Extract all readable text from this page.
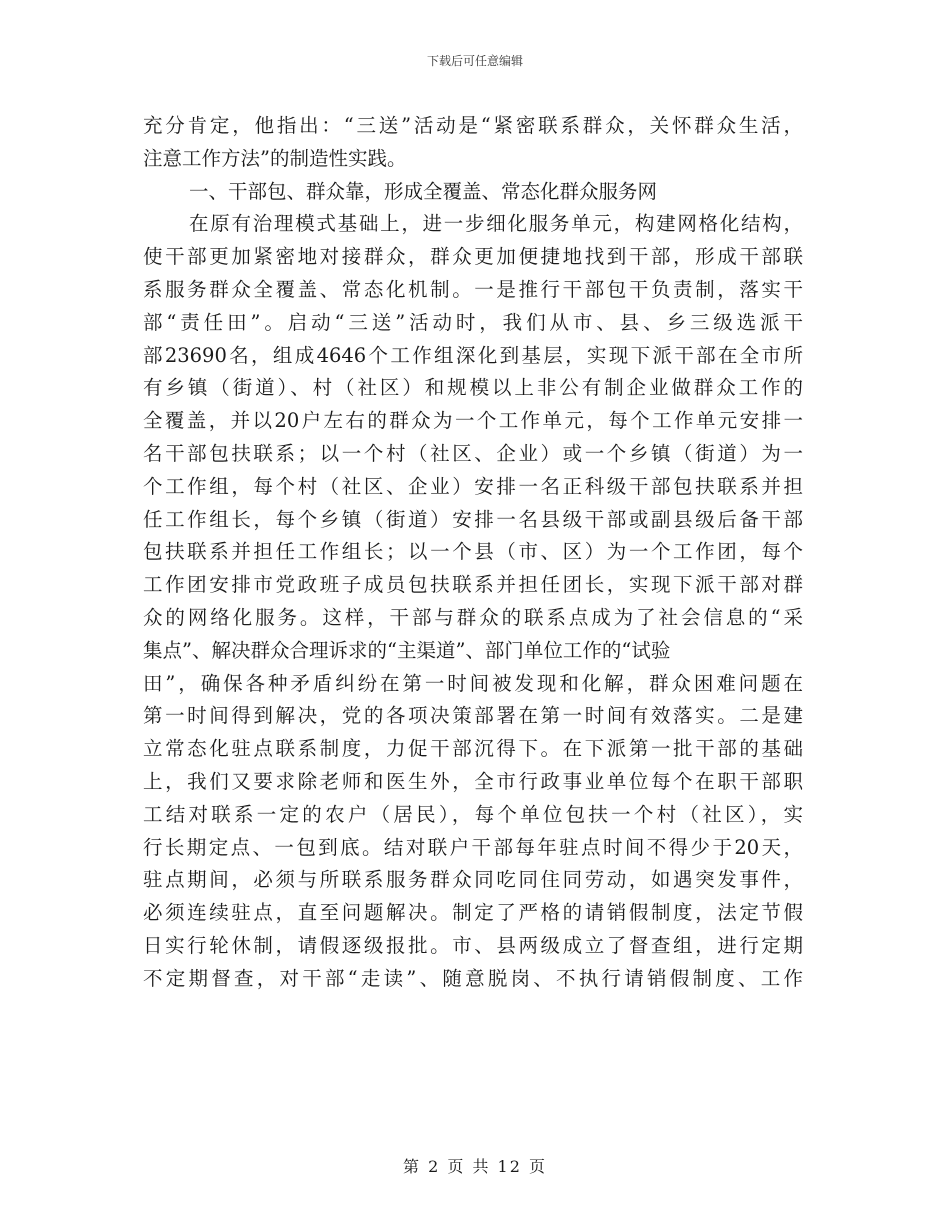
下载后可任意编辑
充分肯定，他指出：“三送”活动是“紧密联系群众，关怀群众生活，
注意工作方法”的制造性实践。
一、干部包、群众靠，形成全覆盖、常态化群众服务网
在原有治理模式基础上，进一步细化服务单元，构建网格化结构，
使干部更加紧密地对接群众，群众更加便捷地找到干部，形成干部联
系服务群众全覆盖、常态化机制。一是推行干部包干负责制，落实干
部“责任田”。启动“三送”活动时，我们从市、县、乡三级选派干
部23690名，组成4646个工作组深化到基层，实现下派干部在全市所
有乡镇（街道）、村（社区）和规模以上非公有制企业做群众工作的
全覆盖，并以20户左右的群众为一个工作单元，每个工作单元安排一
名干部包扶联系；以一个村（社区、企业）或一个乡镇（街道）为一
个工作组，每个村（社区、企业）安排一名正科级干部包扶联系并担
任工作组长，每个乡镇（街道）安排一名县级干部或副县级后备干部
包扶联系并担任工作组长；以一个县（市、区）为一个工作团，每个
工作团安排市党政班子成员包扶联系并担任团长，实现下派干部对群
众的网络化服务。这样，干部与群众的联系点成为了社会信息的“采
集点”、解决群众合理诉求的“主渠道”、部门单位工作的“试验
田”，确保各种矛盾纠纷在第一时间被发现和化解，群众困难问题在
第一时间得到解决，党的各项决策部署在第一时间有效落实。二是建
立常态化驻点联系制度，力促干部沉得下。在下派第一批干部的基础
上，我们又要求除老师和医生外，全市行政事业单位每个在职干部职
工结对联系一定的农户（居民），每个单位包扶一个村（社区），实
行长期定点、一包到底。结对联户干部每年驻点时间不得少于20天，
驻点期间，必须与所联系服务群众同吃同住同劳动，如遇突发事件，
必须连续驻点，直至问题解决。制定了严格的请销假制度，法定节假
日实行轮休制，请假逐级报批。市、县两级成立了督查组，进行定期
不定期督查，对干部“走读”、随意脱岗、不执行请销假制度、工作
第 2 页 共 12 页
